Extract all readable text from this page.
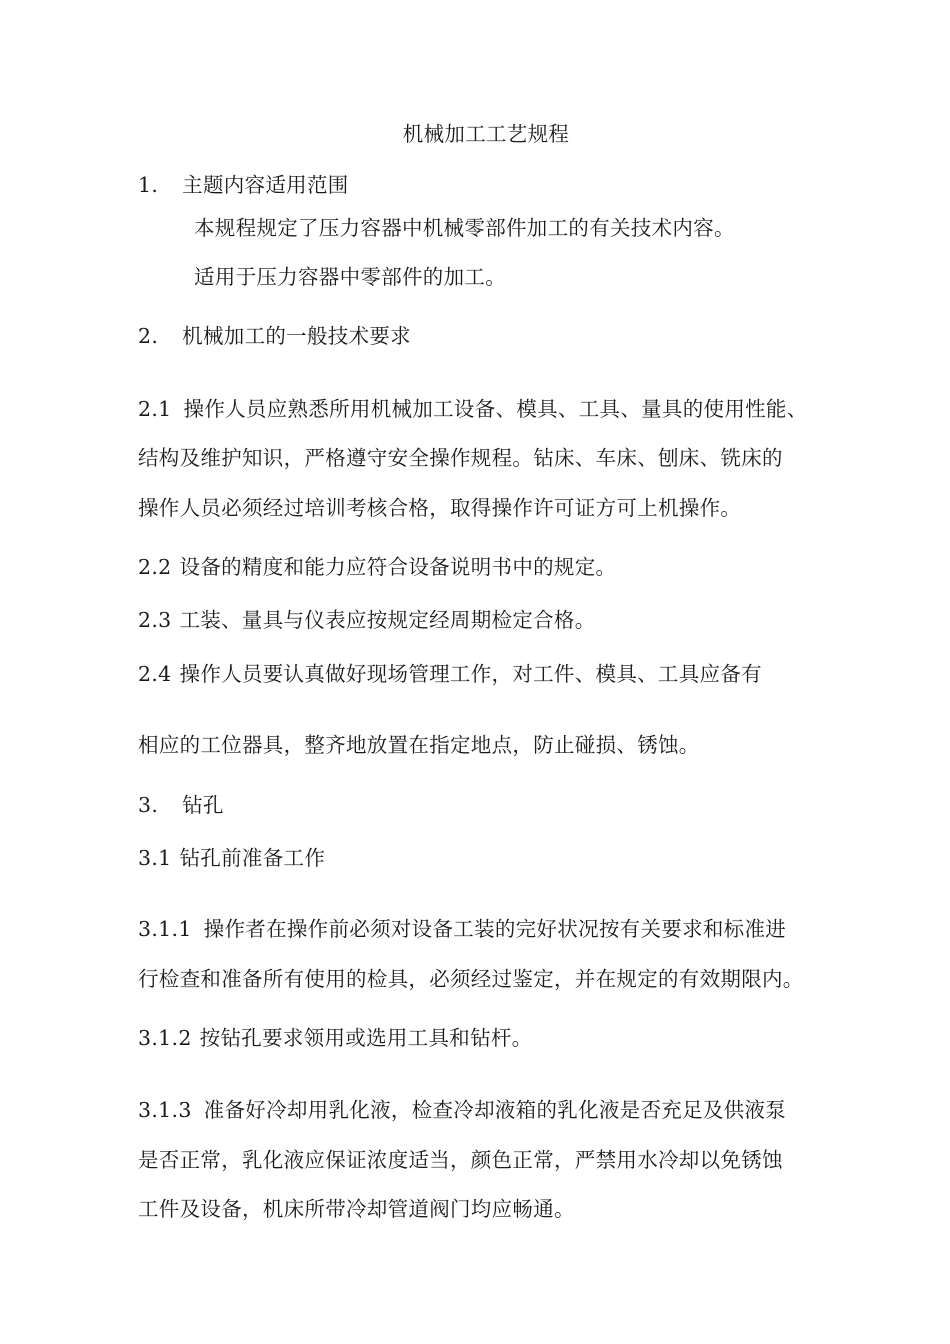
机械加工工艺规程
1. 主题内容适用范围
本规程规定了压力容器中机械零部件加工的有关技术内容。
适用于压力容器中零部件的加工。
2. 机械加工的一般技术要求
2.1 操作人员应熟悉所用机械加工设备、模具、工具、量具的使用性能、
结构及维护知识，严格遵守安全操作规程。钻床、车床、刨床、铣床的
操作人员必须经过培训考核合格，取得操作许可证方可上机操作。
2.2 设备的精度和能力应符合设备说明书中的规定。
2.3 工装、量具与仪表应按规定经周期检定合格。
2.4 操作人员要认真做好现场管理工作，对工件、模具、工具应备有
相应的工位器具，整齐地放置在指定地点，防止碰损、锈蚀。
3. 钻孔
3.1 钻孔前准备工作
3.1.1 操作者在操作前必须对设备工装的完好状况按有关要求和标准进
行检查和准备所有使用的检具，必须经过鉴定，并在规定的有效期限内。
3.1.2 按钻孔要求领用或选用工具和钻杆。
3.1.3 准备好冷却用乳化液，检查冷却液箱的乳化液是否充足及供液泵
是否正常，乳化液应保证浓度适当，颜色正常，严禁用水冷却以免锈蚀
工件及设备，机床所带冷却管道阀门均应畅通。
